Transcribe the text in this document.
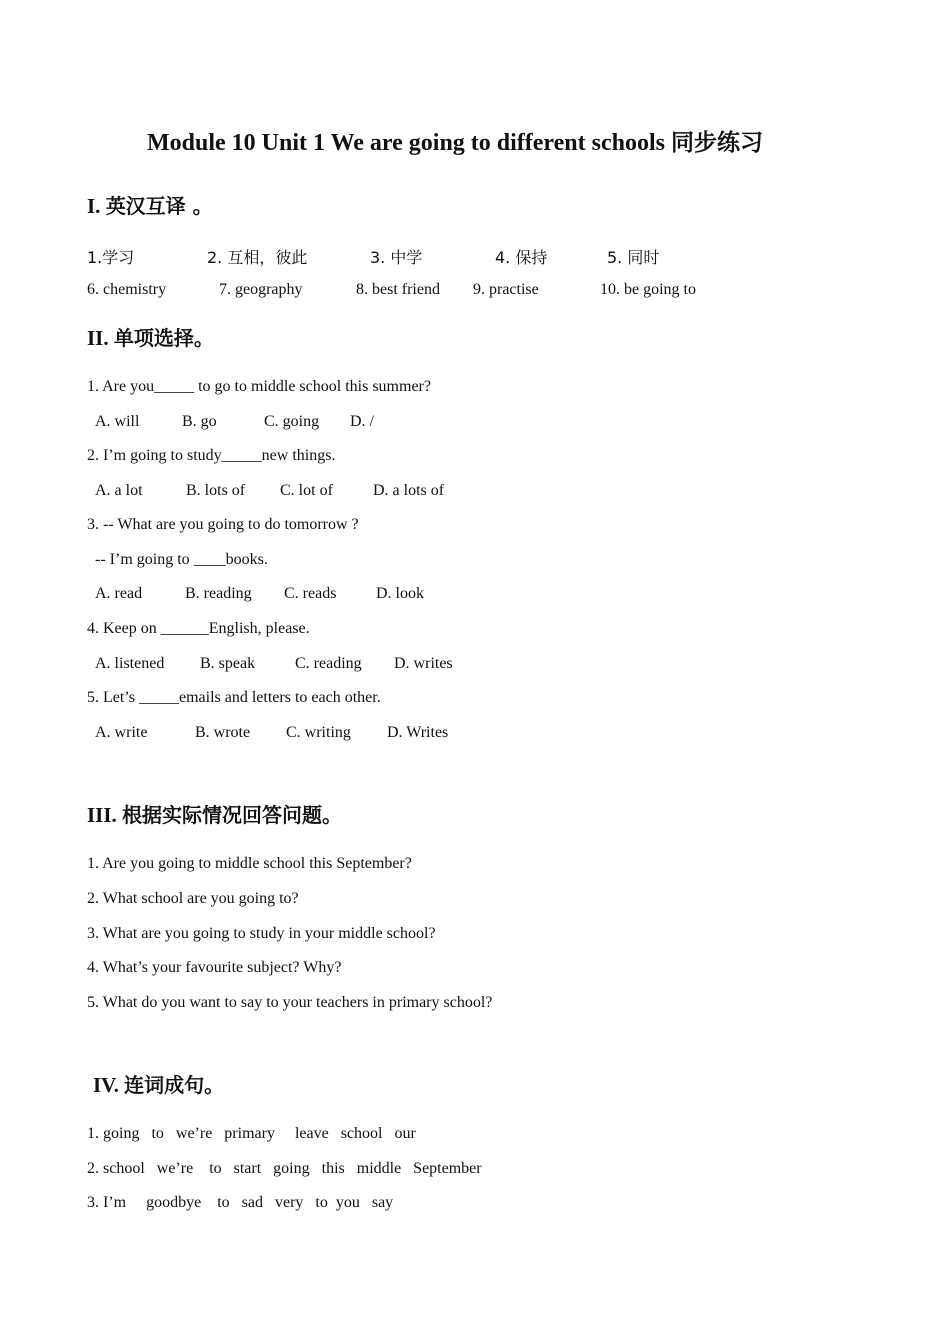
Module 10 Unit 1 We are going to different schools 同步练习
I. 英汉互译 。
1.学习	2. 互相，彼此	3. 中学	4. 保持	5. 同时
6. chemistry	7. geography	8. best friend 9. practise	10. be going to
II. 单项选择。
1. Are you_____ to go to middle school this summer?
A. will	B. go	C. going D. /
2. I’m going to study_____new things.
A. a lot	B. lots of C. lot of	D. a lots of
3. -- What are you going to do tomorrow ?
-- I’m going to ____books.
A. read	B. reading C. reads D. look
4. Keep on ______English, please.
A. listened B. speak C. reading D. writes
5. Let’s _____emails and letters to each other.
A. write	B. wrote C. writing D. Writes
III. 根据实际情况回答问题。
1. Are you going to middle school this September?
2. What school are you going to?
3. What are you going to study in your middle school?
4. What’s your favourite subject? Why?
5. What do you want to say to your teachers in primary school?
IV. 连词成句。
1. going   to   we’re   primary     leave   school   our
2. school   we’re    to   start   going   this   middle   September
3. I’m     goodbye    to   sad   very   to  you   say
